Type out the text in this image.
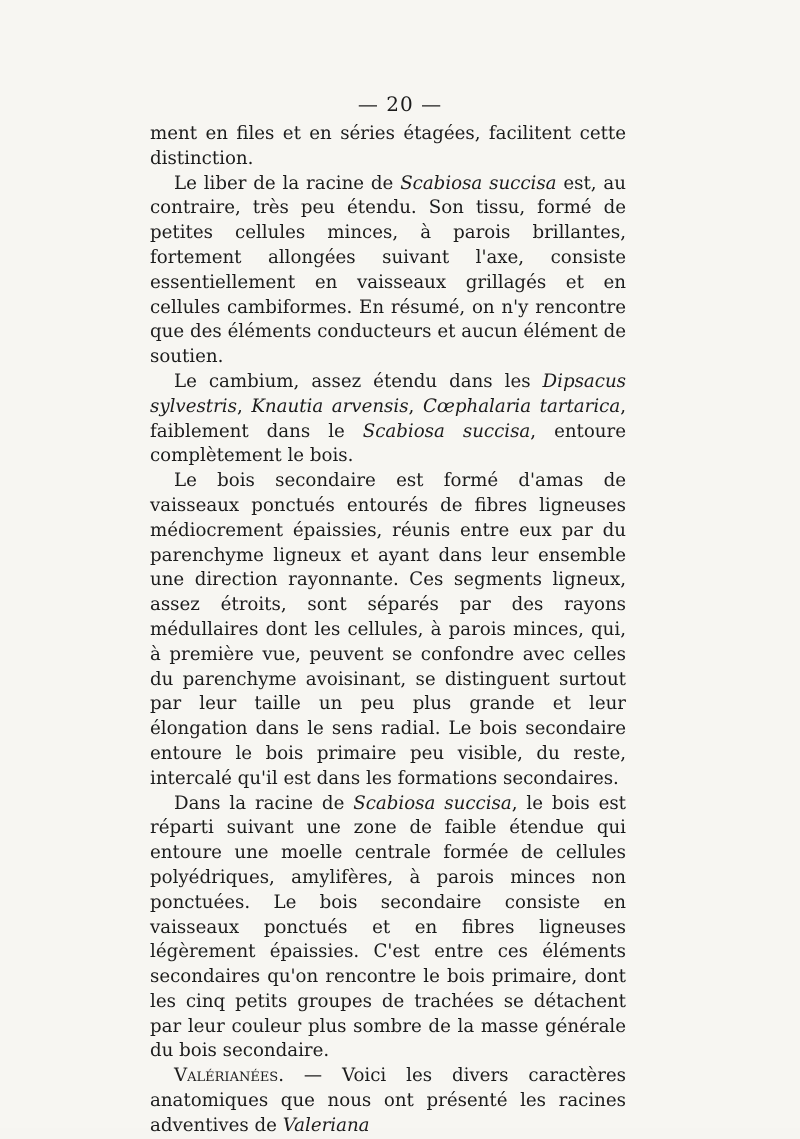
— 20 —

ment en files et en séries étagées, facilitent cette distinction.

Le liber de la racine de Scabiosa succisa est, au contraire, très peu étendu. Son tissu, formé de petites cellules minces, à parois brillantes, fortement allongées suivant l'axe, consiste essentiellement en vaisseaux grillagés et en cellules cambiformes. En résumé, on n'y rencontre que des éléments conducteurs et aucun élément de soutien.

Le cambium, assez étendu dans les Dipsacus sylvestris, Knautia arvensis, Cœphalaria tartarica, faiblement dans le Scabiosa succisa, entoure complètement le bois.

Le bois secondaire est formé d'amas de vaisseaux ponctués entourés de fibres ligneuses médiocrement épaissies, réunis entre eux par du parenchyme ligneux et ayant dans leur ensemble une direction rayonnante. Ces segments ligneux, assez étroits, sont séparés par des rayons médullaires dont les cellules, à parois minces, qui, à première vue, peuvent se confondre avec celles du parenchyme avoisinant, se distinguent surtout par leur taille un peu plus grande et leur élongation dans le sens radial. Le bois secondaire entoure le bois primaire peu visible, du reste, intercalé qu'il est dans les formations secondaires.

Dans la racine de Scabiosa succisa, le bois est réparti suivant une zone de faible étendue qui entoure une moelle centrale formée de cellules polyédriques, amylifères, à parois minces non ponctuées. Le bois secondaire consiste en vaisseaux ponctués et en fibres ligneuses légèrement épaissies. C'est entre ces éléments secondaires qu'on rencontre le bois primaire, dont les cinq petits groupes de trachées se détachent par leur couleur plus sombre de la masse générale du bois secondaire.

Valérianées. — Voici les divers caractères anatomiques que nous ont présenté les racines adventives de Valeriana
